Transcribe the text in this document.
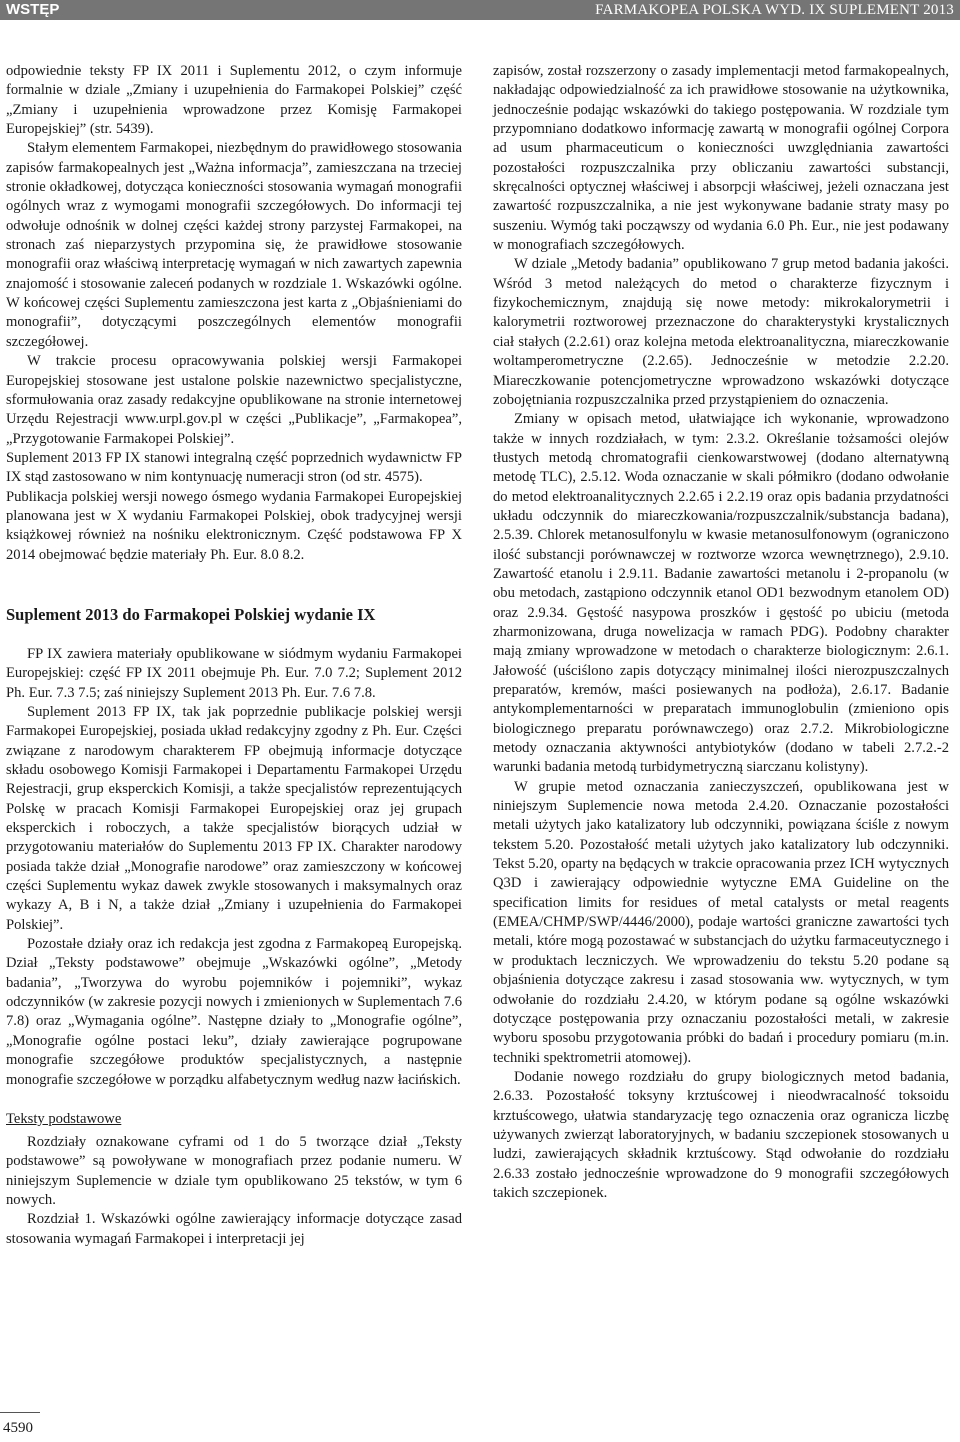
WSTĘP	FARMAKOPEA POLSKA WYD. IX SUPLEMENT 2013

odpowiednie teksty FP IX 2011 i Suplementu 2012, o czym informuje formalnie w dziale „Zmiany i uzupełnienia do Farmakopei Polskiej” część „Zmiany i uzupełnienia wprowadzone przez Komisję Farmakopei Europejskiej” (str. 5439).

Stałym elementem Farmakopei, niezbędnym do prawidłowego stosowania zapisów farmakopealnych jest „Ważna informacja”, zamieszczana na trzeciej stronie okładkowej, dotycząca konieczności stosowania wymagań monografii ogólnych wraz z wymogami monografii szczegółowych. Do informacji tej odwołuje odnośnik w dolnej części każdej strony parzystej Farmakopei, na stronach zaś nieparzystych przypomina się, że prawidłowe stosowanie monografii oraz właściwą interpretację wymagań w nich zawartych zapewnia znajomość i stosowanie zaleceń podanych w rozdziale 1. Wskazówki ogólne. W końcowej części Suplementu zamieszczona jest karta z „Objaśnieniami do monografii”, dotyczącymi poszczególnych elementów monografii szczegółowej.

W trakcie procesu opracowywania polskiej wersji Farmakopei Europejskiej stosowane jest ustalone polskie nazewnictwo specjalistyczne, sformułowania oraz zasady redakcyjne opublikowane na stronie internetowej Urzędu Rejestracji www.urpl.gov.pl w części „Publikacje”, „Farmakopea”, „Przygotowanie Farmakopei Polskiej”.

Suplement 2013 FP IX stanowi integralną część poprzednich wydawnictw FP IX stąd zastosowano w nim kontynuację numeracji stron (od str. 4575).

Publikacja polskiej wersji nowego ósmego wydania Farmakopei Europejskiej planowana jest w X wydaniu Farmakopei Polskiej, obok tradycyjnej wersji książkowej również na nośniku elektronicznym. Część podstawowa FP X 2014 obejmować będzie materiały Ph. Eur. 8.0 8.2.

Suplement 2013 do Farmakopei Polskiej wydanie IX

FP IX zawiera materiały opublikowane w siódmym wydaniu Farmakopei Europejskiej: część FP IX 2011 obejmuje Ph. Eur. 7.0 7.2; Suplement 2012 Ph. Eur. 7.3 7.5; zaś niniejszy Suplement 2013 Ph. Eur. 7.6 7.8.

Suplement 2013 FP IX, tak jak poprzednie publikacje polskiej wersji Farmakopei Europejskiej, posiada układ redakcyjny zgodny z Ph. Eur. Części związane z narodowym charakterem FP obejmują informacje dotyczące składu osobowego Komisji Farmakopei i Departamentu Farmakopei Urzędu Rejestracji, grup eksperckich Komisji, a także specjalistów reprezentujących Polskę w pracach Komisji Farmakopei Europejskiej oraz jej grupach eksperckich i roboczych, a także specjalistów biorących udział w przygotowaniu materiałów do Suplementu 2013 FP IX. Charakter narodowy posiada także dział „Monografie narodowe” oraz zamieszczony w końcowej części Suplementu wykaz dawek zwykle stosowanych i maksymalnych oraz wykazy A, B i N, a także dział „Zmiany i uzupełnienia do Farmakopei Polskiej”.

Pozostałe działy oraz ich redakcja jest zgodna z Farmakopeą Europejską. Dział „Teksty podstawowe” obejmuje „Wskazówki ogólne”, „Metody badania”, „Tworzywa do wyrobu pojemników i pojemniki”, wykaz odczynników (w zakresie pozycji nowych i zmienionych w Suplementach 7.6 7.8) oraz „Wymagania ogólne”. Następne działy to „Monografie ogólne”, „Monografie ogólne postaci leku”, działy zawierające pogrupowane monografie szczegółowe produktów specjalistycznych, a następnie monografie szczegółowe w porządku alfabetycznym według nazw łacińskich.

Teksty podstawowe

Rozdziały oznakowane cyframi od 1 do 5 tworzące dział „Teksty podstawowe” są powoływane w monografiach przez podanie numeru. W niniejszym Suplemencie w dziale tym opublikowano 25 tekstów, w tym 6 nowych.

Rozdział 1. Wskazówki ogólne zawierający informacje dotyczące zasad stosowania wymagań Farmakopei i interpretacji jej

zapisów, został rozszerzony o zasady implementacji metod farmakopealnych, nakładając odpowiedzialność za ich prawidłowe stosowanie na użytkownika, jednocześnie podając wskazówki do takiego postępowania. W rozdziale tym przypomniano dodatkowo informację zawartą w monografii ogólnej Corpora ad usum pharmaceuticum o konieczności uwzględniania zawartości pozostałości rozpuszczalnika przy obliczaniu zawartości substancji, skręcalności optycznej właściwej i absorpcji właściwej, jeżeli oznaczana jest zawartość rozpuszczalnika, a nie jest wykonywane badanie straty masy po suszeniu. Wymóg taki począwszy od wydania 6.0 Ph. Eur., nie jest podawany w monografiach szczegółowych.

W dziale „Metody badania” opublikowano 7 grup metod badania jakości. Wśród 3 metod należących do metod o charakterze fizycznym i fizykochemicznym, znajdują się nowe metody: mikrokalorymetrii i kalorymetrii roztworowej przeznaczone do charakterystyki krystalicznych ciał stałych (2.2.61) oraz kolejna metoda elektroanalityczna, miareczkowanie woltamperometryczne (2.2.65). Jednocześnie w metodzie 2.2.20. Miareczkowanie potencjometryczne wprowadzono wskazówki dotyczące zobojętniania rozpuszczalnika przed przystąpieniem do oznaczenia.

Zmiany w opisach metod, ułatwiające ich wykonanie, wprowadzono także w innych rozdziałach, w tym: 2.3.2. Określanie tożsamości olejów tłustych metodą chromatografii cienkowarstwowej (dodano alternatywną metodę TLC), 2.5.12. Woda oznaczanie w skali półmikro (dodano odwołanie do metod elektroanalitycznych 2.2.65 i 2.2.19 oraz opis badania przydatności układu odczynnik do miareczkowania/rozpuszczalnik/substancja badana), 2.5.39. Chlorek metanosulfonylu w kwasie metanosulfonowym (ograniczono ilość substancji porównawczej w roztworze wzorca wewnętrznego), 2.9.10. Zawartość etanolu i 2.9.11. Badanie zawartości metanolu i 2-propanolu (w obu metodach, zastąpiono odczynnik etanol OD1 bezwodnym etanolem OD) oraz 2.9.34. Gęstość nasypowa proszków i gęstość po ubiciu (metoda zharmonizowana, druga nowelizacja w ramach PDG). Podobny charakter mają zmiany wprowadzone w metodach o charakterze biologicznym: 2.6.1. Jałowość (uściślono zapis dotyczący minimalnej ilości nierozpuszczalnych preparatów, kremów, maści posiewanych na podłoża), 2.6.17. Badanie antykomplementarności w preparatach immunoglobulin (zmieniono opis biologicznego preparatu porównawczego) oraz 2.7.2. Mikrobiologiczne metody oznaczania aktywności antybiotyków (dodano w tabeli 2.7.2.-2 warunki badania metodą turbidymetryczną siarczanu kolistyny).

W grupie metod oznaczania zanieczyszczeń, opublikowana jest w niniejszym Suplemencie nowa metoda 2.4.20. Oznaczanie pozostałości metali użytych jako katalizatory lub odczynniki, powiązana ściśle z nowym tekstem 5.20. Pozostałość metali użytych jako katalizatory lub odczynniki. Tekst 5.20, oparty na będących w trakcie opracowania przez ICH wytycznych Q3D i zawierający odpowiednie wytyczne EMA Guideline on the specification limits for residues of metal catalysts or metal reagents (EMEA/CHMP/SWP/4446/2000), podaje wartości graniczne zawartości tych metali, które mogą pozostawać w substancjach do użytku farmaceutycznego i w produktach leczniczych. We wprowadzeniu do tekstu 5.20 podane są objaśnienia dotyczące zakresu i zasad stosowania ww. wytycznych, w tym odwołanie do rozdziału 2.4.20, w którym podane są ogólne wskazówki dotyczące postępowania przy oznaczaniu pozostałości metali, w zakresie wyboru sposobu przygotowania próbki do badań i procedury pomiaru (m.in. techniki spektrometrii atomowej).

Dodanie nowego rozdziału do grupy biologicznych metod badania, 2.6.33. Pozostałość toksyny krztuścowej i nieodwracalność toksoidu krztuścowego, ułatwia standaryzację tego oznaczenia oraz ogranicza liczbę używanych zwierząt laboratoryjnych, w badaniu szczepionek stosowanych u ludzi, zawierających składnik krztuścowy. Stąd odwołanie do rozdziału 2.6.33 zostało jednocześnie wprowadzone do 9 monografii szczegółowych takich szczepionek.

4590
